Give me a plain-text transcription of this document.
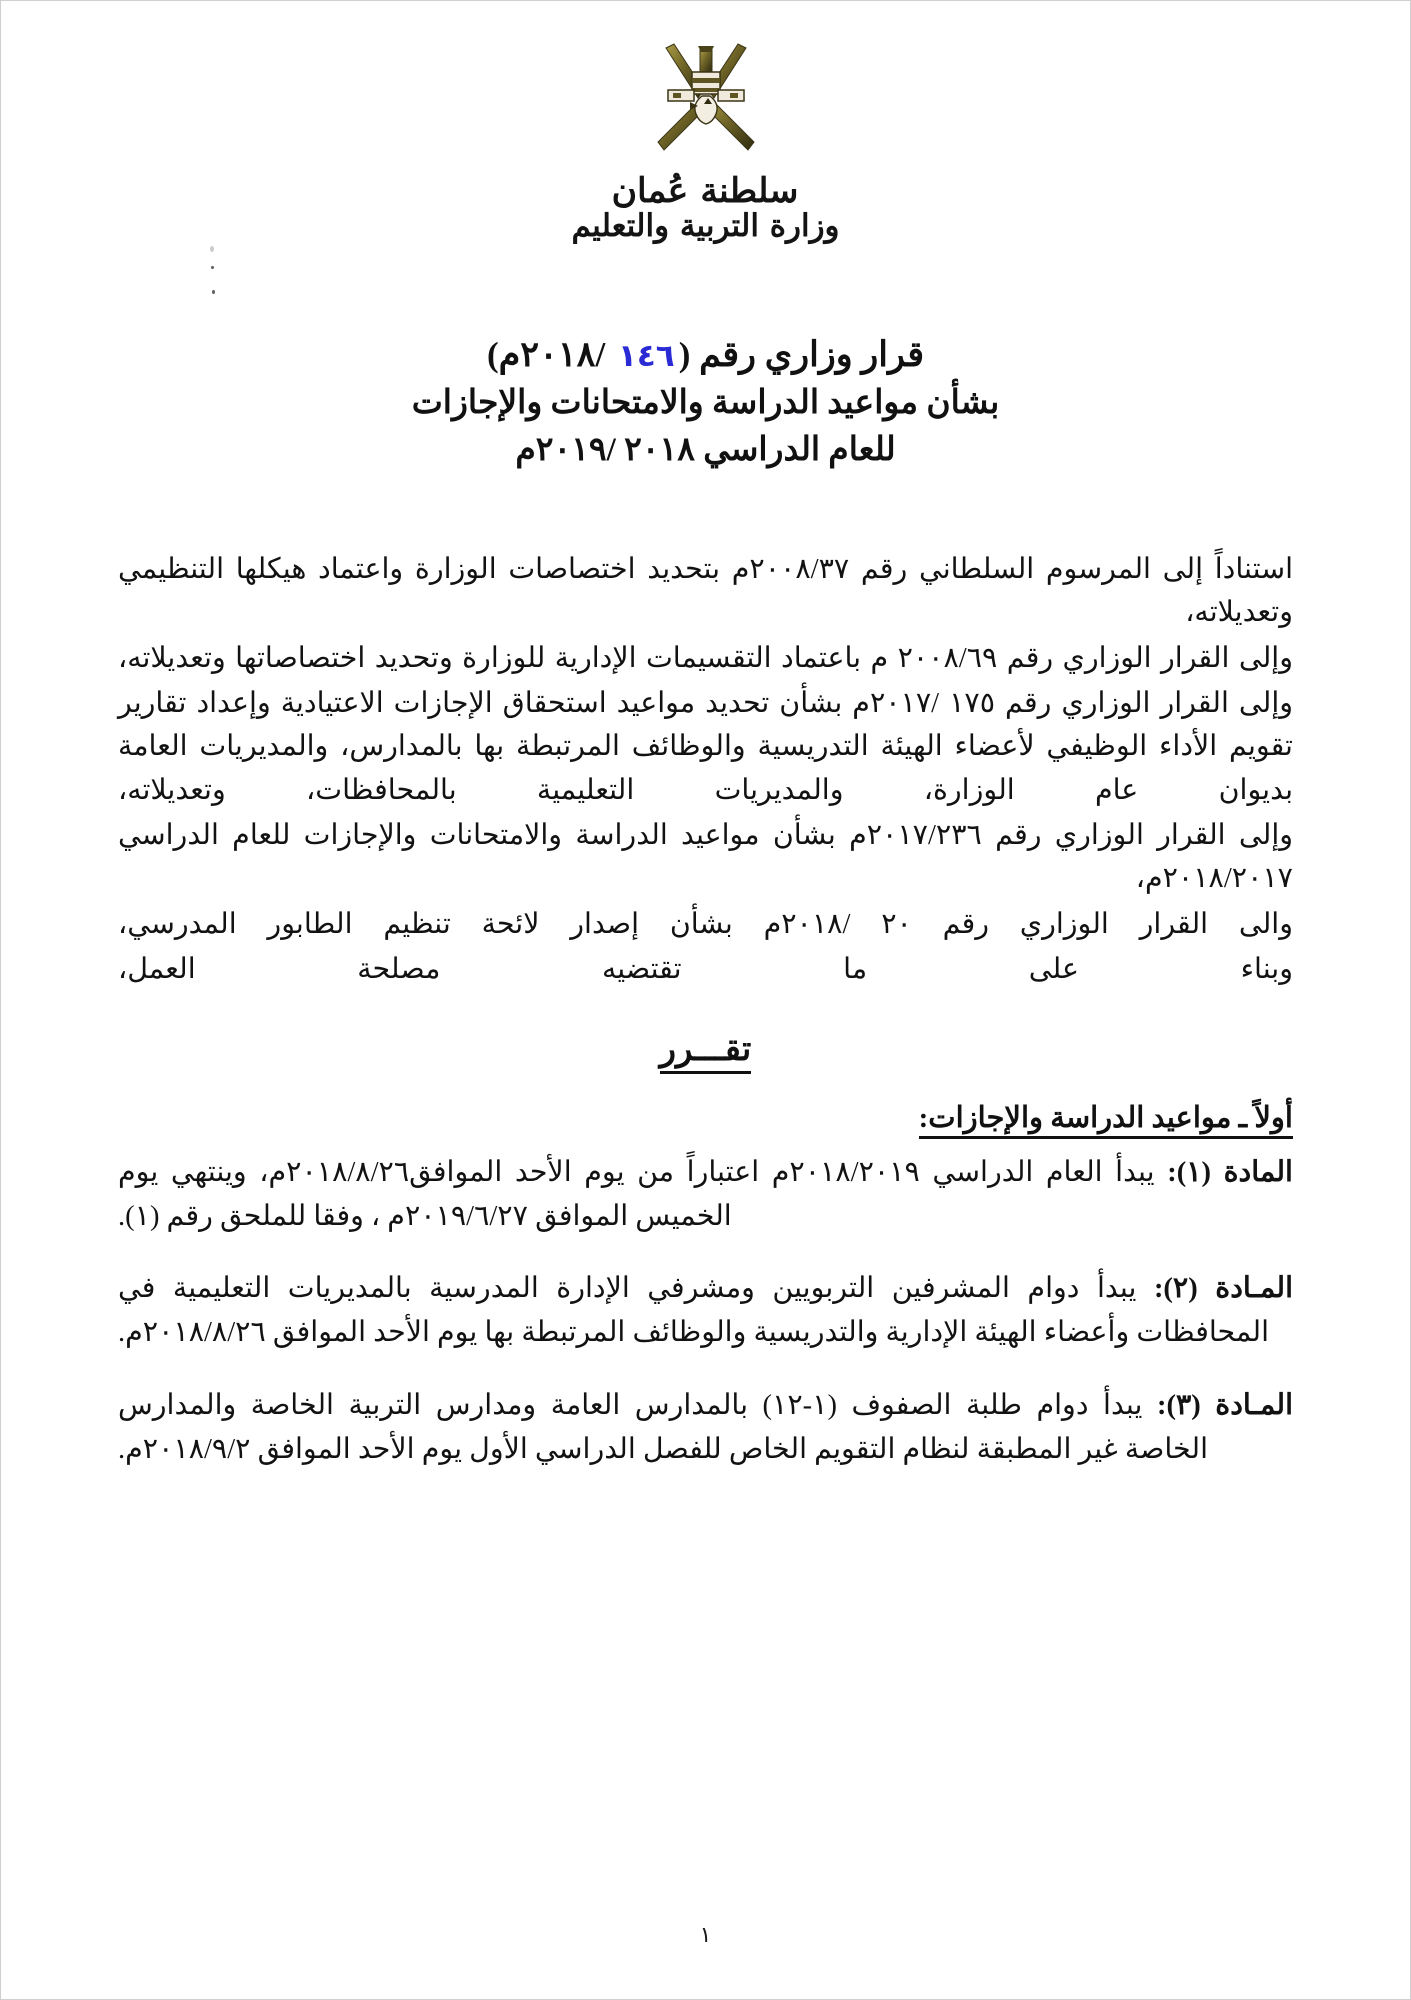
سلطنة عُمان
وزارة التربية والتعليم
قرار وزاري رقم (١٤٦ /٢٠١٨م)
بشأن مواعيد الدراسة والامتحانات والإجازات
للعام الدراسي ٢٠١٨ /٢٠١٩م

استناداً إلى المرسوم السلطاني رقم ٢٠٠٨/٣٧م بتحديد اختصاصات الوزارة واعتماد هيكلها التنظيمي وتعديلاته،

وإلى القرار الوزاري رقم ٢٠٠٨/٦٩ م باعتماد التقسيمات الإدارية للوزارة وتحديد اختصاصاتها وتعديلاته،

وإلى القرار الوزاري رقم ١٧٥ /٢٠١٧م بشأن تحديد مواعيد استحقاق الإجازات الاعتيادية وإعداد تقارير تقويم الأداء الوظيفي لأعضاء الهيئة التدريسية والوظائف المرتبطة بها بالمدارس، والمديريات العامة بديوان عام الوزارة، والمديريات التعليمية بالمحافظات، وتعديلاته،

وإلى القرار الوزاري رقم ٢٠١٧/٢٣٦م بشأن مواعيد الدراسة والامتحانات والإجازات للعام الدراسي ٢٠١٨/٢٠١٧م،

والى القرار الوزاري رقم ٢٠ /٢٠١٨م بشأن إصدار لائحة تنظيم الطابور المدرسي،

وبناء على ما تقتضيه مصلحة العمل،

تقـــرر
أولاً ـ مواعيد الدراسة والإجازات:

المادة (١): يبدأ العام الدراسي ٢٠١٨/٢٠١٩م اعتباراً من يوم الأحد الموافق٢٠١٨/٨/٢٦م، وينتهي يوم الخميس الموافق ٢٠١٩/٦/٢٧م ، وفقا للملحق رقم (١).

المـادة (٢): يبدأ دوام المشرفين التربويين ومشرفي الإدارة المدرسية بالمديريات التعليمية في المحافظات وأعضاء الهيئة الإدارية والتدريسية والوظائف المرتبطة بها يوم الأحد الموافق ٢٠١٨/٨/٢٦م.

المـادة (٣): يبدأ دوام طلبة الصفوف (١-١٢) بالمدارس العامة ومدارس التربية الخاصة والمدارس الخاصة غير المطبقة لنظام التقويم الخاص للفصل الدراسي الأول يوم الأحد الموافق ٢٠١٨/٩/٢م.

١
